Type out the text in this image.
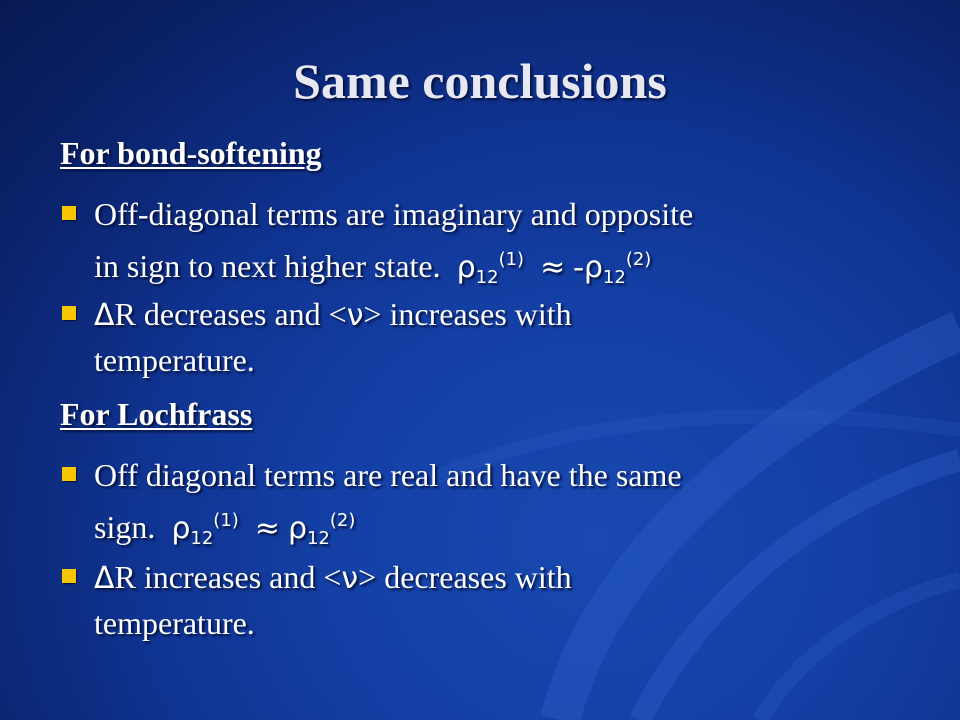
Same conclusions
For bond-softening
Off-diagonal terms are imaginary and opposite
in sign to next higher state. $\rho_{12}^{(1)} \approx -\rho_{12}^{(2)}$
ΔR decreases and <ν> increases with
temperature.
For Lochfrass
Off diagonal terms are real and have the same
sign. $\rho_{12}^{(1)} \approx \rho_{12}^{(2)}$
ΔR increases and <ν> decreases with
temperature.
